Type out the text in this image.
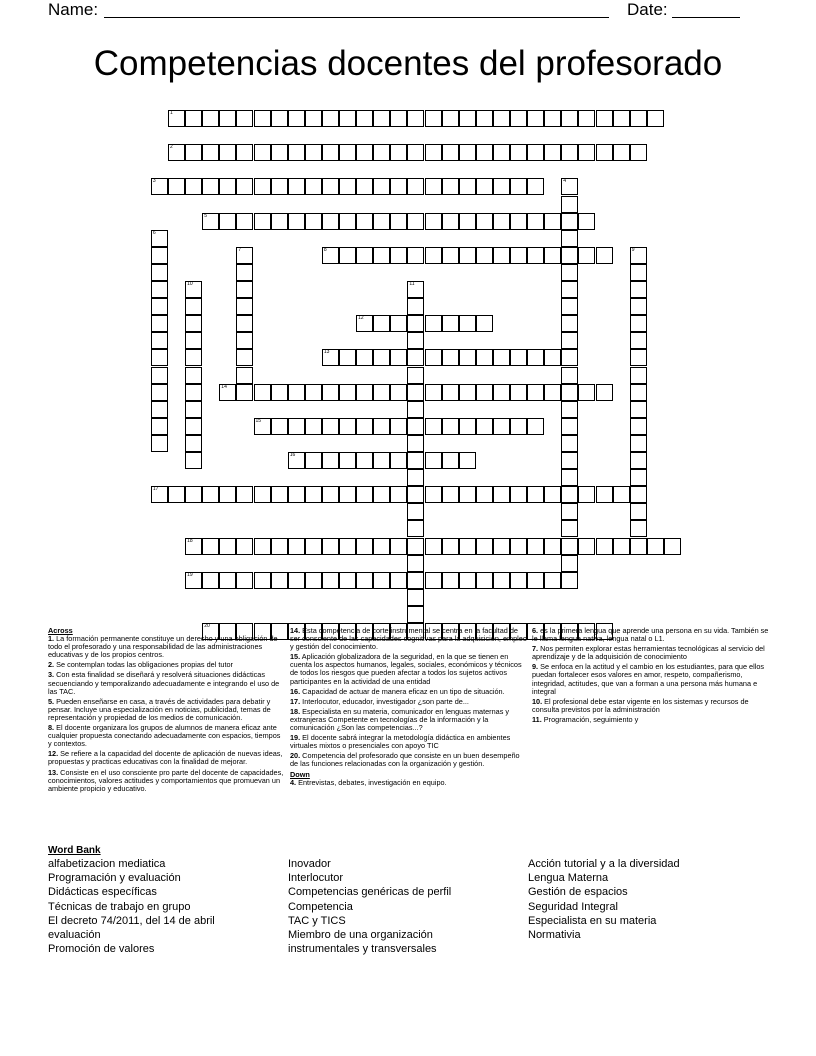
Name:	Date:
Competencias docentes del profesorado
1
2
3	4
5
6
7	8	9
10	11
12
13
14
15
16
17
18
19
20

Across

1. La formación permanente constituye un derecho y una obligación de todo el profesorado y una responsabilidad de las administraciones educativas y de los propios centros.

2. Se contemplan todas las obligaciones propias del tutor

3. Con esta finalidad se diseñará y resolverá situaciones didácticas secuenciando y temporalizando adecuadamente e integrando el uso de las TAC.

5. Pueden enseñarse en casa, a través de actividades para debatir y pensar. Incluye una especialización en noticias, publicidad, temas de representación y propiedad de los medios de comunicación.

8. El docente organizara los grupos de alumnos de manera eficaz ante cualquier propuesta conectando adecuadamente con espacios, tiempos y contextos.

12. Se refiere a la capacidad del docente de aplicación de nuevas ideas, propuestas y practicas educativas con la finalidad de mejorar.

13. Consiste en el uso consciente pro parte del docente de capacidades, conocimientos, valores actitudes y comportamientos que promuevan un ambiente propicio y educativo.

14. Esta competencia de corte instrumental se centra en la facultad de ser consciente de las capacidades cognitivas para la adquisición, empleo y gestión del conocimiento.

15. Aplicación globalizadora de la seguridad, en la que se tienen en cuenta los aspectos humanos, legales, sociales, económicos y técnicos de todos los riesgos que pueden afectar a todos los sujetos activos participantes en la actividad de una entidad

16. Capacidad de actuar de manera eficaz en un tipo de situación.

17. Interlocutor, educador, investigador ¿son parte de...

18. Especialista en su materia, comunicador en lenguas maternas y extranjeras Competente en tecnologías de la información y la comunicación ¿Son las competencias...?

19. El docente sabrá integrar la metodología didáctica en ambientes virtuales mixtos o presenciales con apoyo TIC

20. Competencia del profesorado que consiste en un buen desempeño de las funciones relacionadas con la organización y gestión.

Down

4. Entrevistas, debates, investigación en equipo.

6. es la primera lengua que aprende una persona en su vida. También se le llama lengua nativa, lengua natal o L1.

7. Nos permiten explorar estas herramientas tecnológicas al servicio del aprendizaje y de la adquisición de conocimiento

9. Se enfoca en la actitud y el cambio en los estudiantes, para que ellos puedan fortalecer esos valores en amor, respeto, compañerismo, integridad, actitudes, que van a forman a una persona más humana e integral

10. El profesional debe estar vigente en los sistemas y recursos de consulta previstos por la administración

11. Programación, seguimiento y

Word Bank
alfabetizacion mediatica
Programación y evaluación
Didácticas específicas
Técnicas de trabajo en grupo
El decreto 74/2011, del 14 de abril
evaluación
Promoción de valores
Inovador
Interlocutor
Competencias genéricas de perfil
Competencia
TAC y TICS
Miembro de una organización
instrumentales y transversales
Acción tutorial y a la diversidad
Lengua Materna
Gestión de espacios
Seguridad Integral
Especialista en su materia
Normativia
